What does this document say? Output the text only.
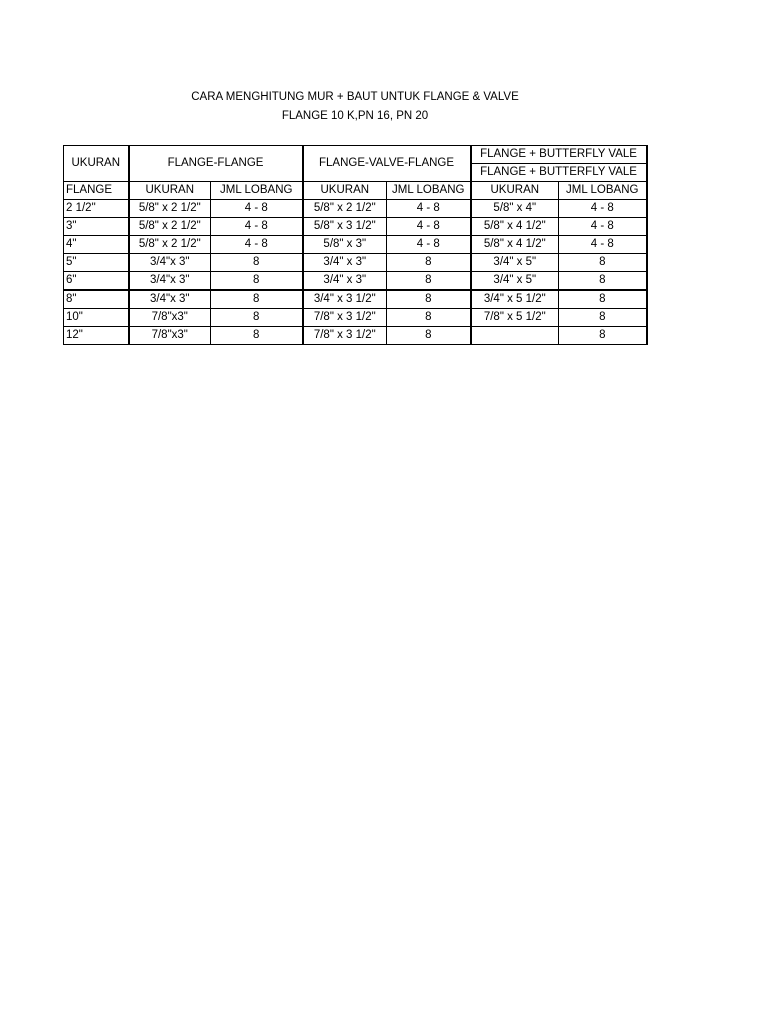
CARA MENGHITUNG MUR + BAUT UNTUK FLANGE & VALVE
FLANGE 10 K,PN 16, PN 20
UKURAN	FLANGE-FLANGE		FLANGE-VALVE-FLANGE		FLANGE + BUTTERFLY VALE	
					FLANGE + BUTTERFLY VALE	
FLANGE	UKURAN	JML LOBANG	UKURAN	JML LOBANG	UKURAN	JML LOBANG
2 1/2"	5/8" x 2 1/2"	4 - 8	5/8" x 2 1/2"	4 - 8	5/8" x 4"	4 - 8
3"	5/8" x 2 1/2"	4 - 8	5/8" x 3 1/2"	4 - 8	5/8" x 4 1/2"	4 - 8
4"	5/8" x 2 1/2"	4 - 8	5/8" x 3"	4 - 8	5/8" x 4 1/2"	4 - 8
5"	3/4"x 3"	8	3/4" x 3"	8	3/4" x 5"	8
6"	3/4"x 3"	8	3/4" x 3"	8	3/4" x 5"	8
8"	3/4"x 3"	8	3/4" x 3 1/2"	8	3/4" x 5 1/2"	8
10"	7/8"x3"	8	7/8" x 3 1/2"	8	7/8" x 5 1/2"	8
12"	7/8"x3"	8	7/8" x 3 1/2"	8		8
